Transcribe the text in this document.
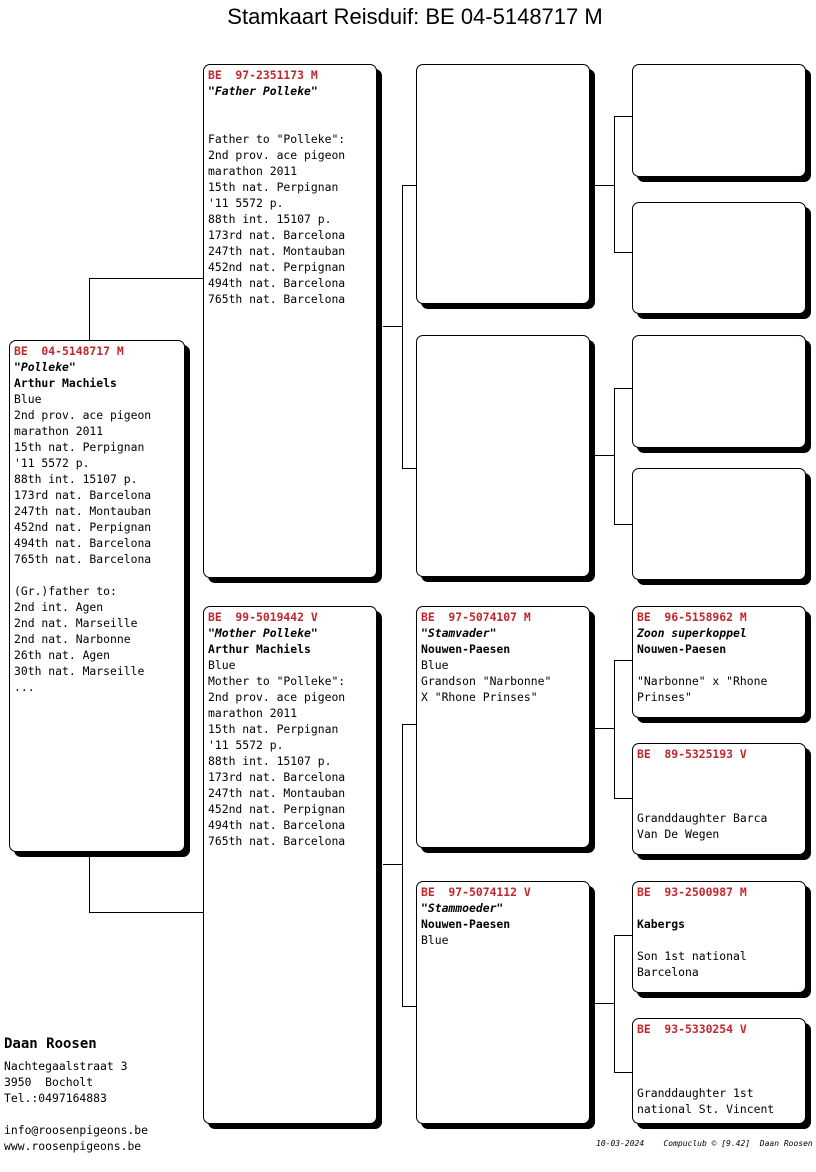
Stamkaart Reisduif: BE 04-5148717 M
BE  04-5148717 M
"Polleke"
Arthur Machiels
Blue
2nd prov. ace pigeon
marathon 2011
15th nat. Perpignan
'11 5572 p.
88th int. 15107 p.
173rd nat. Barcelona
247th nat. Montauban
452nd nat. Perpignan
494th nat. Barcelona
765th nat. Barcelona

(Gr.)father to:
2nd int. Agen
2nd nat. Marseille
2nd nat. Narbonne
26th nat. Agen
30th nat. Marseille
...
BE  97-2351173 M
"Father Polleke"

Father to "Polleke":
2nd prov. ace pigeon
marathon 2011
15th nat. Perpignan
'11 5572 p.
88th int. 15107 p.
173rd nat. Barcelona
247th nat. Montauban
452nd nat. Perpignan
494th nat. Barcelona
765th nat. Barcelona
BE  99-5019442 V
"Mother Polleke"
Arthur Machiels
Blue
Mother to "Polleke":
2nd prov. ace pigeon
marathon 2011
15th nat. Perpignan
'11 5572 p.
88th int. 15107 p.
173rd nat. Barcelona
247th nat. Montauban
452nd nat. Perpignan
494th nat. Barcelona
765th nat. Barcelona
BE  97-5074107 M
"Stamvader"
Nouwen-Paesen
Blue
Grandson "Narbonne"
X "Rhone Prinses"
BE  97-5074112 V
"Stammoeder"
Nouwen-Paesen
Blue
BE  96-5158962 M
Zoon superkoppel
Nouwen-Paesen

"Narbonne" x "Rhone
Prinses"
BE  89-5325193 V

Granddaughter Barca
Van De Wegen
BE  93-2500987 M
Kabergs

Son 1st national
Barcelona
BE  93-5330254 V

Granddaughter 1st
national St. Vincent
Daan Roosen
Nachtegaalstraat 3
3950  Bocholt
Tel.:0497164883
info@roosenpigeons.be
www.roosenpigeons.be	10-03-2024    Compuclub © [9.42]  Daan Roosen
